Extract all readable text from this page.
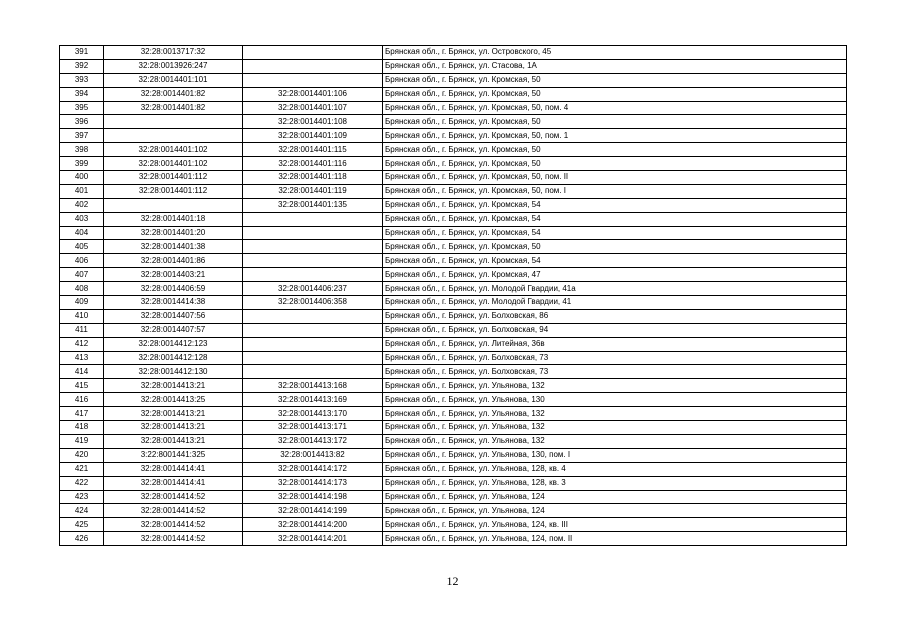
391	32:28:0013717:32		Брянская обл., г. Брянск, ул. Островского, 45
392	32:28:0013926:247		Брянская обл., г. Брянск, ул. Стасова, 1А
393	32:28:0014401:101		Брянская обл., г. Брянск, ул. Кромская, 50
394	32:28:0014401:82	32:28:0014401:106	Брянская обл., г. Брянск, ул. Кромская, 50
395	32:28:0014401:82	32:28:0014401:107	Брянская обл., г. Брянск, ул. Кромская, 50, пом. 4
396		32:28:0014401:108	Брянская обл., г. Брянск, ул. Кромская, 50
397		32:28:0014401:109	Брянская обл., г. Брянск, ул. Кромская, 50, пом. 1
398	32:28:0014401:102	32:28:0014401:115	Брянская обл., г. Брянск, ул. Кромская, 50
399	32:28:0014401:102	32:28:0014401:116	Брянская обл., г. Брянск, ул. Кромская, 50
400	32:28:0014401:112	32:28:0014401:118	Брянская обл., г. Брянск, ул. Кромская, 50, пом. II
401	32:28:0014401:112	32:28:0014401:119	Брянская обл., г. Брянск, ул. Кромская, 50, пом. I
402		32:28:0014401:135	Брянская обл., г. Брянск, ул. Кромская, 54
403	32:28:0014401:18		Брянская обл., г. Брянск, ул. Кромская, 54
404	32:28:0014401:20		Брянская обл., г. Брянск, ул. Кромская, 54
405	32:28:0014401:38		Брянская обл., г. Брянск, ул. Кромская, 50
406	32:28:0014401:86		Брянская обл., г. Брянск, ул. Кромская, 54
407	32:28:0014403:21		Брянская обл., г. Брянск, ул. Кромская, 47
408	32:28:0014406:59	32:28:0014406:237	Брянская обл., г. Брянск, ул. Молодой Гвардии, 41а
409	32:28:0014414:38	32:28:0014406:358	Брянская обл., г. Брянск, ул. Молодой Гвардии, 41
410	32:28:0014407:56		Брянская обл., г. Брянск, ул. Болховская, 86
411	32:28:0014407:57		Брянская обл., г. Брянск, ул. Болховская, 94
412	32:28:0014412:123		Брянская обл., г. Брянск, ул. Литейная, 36в
413	32:28:0014412:128		Брянская обл., г. Брянск, ул. Болховская, 73
414	32:28:0014412:130		Брянская обл., г. Брянск, ул. Болховская, 73
415	32:28:0014413:21	32:28:0014413:168	Брянская обл., г. Брянск, ул. Ульянова, 132
416	32:28:0014413:25	32:28:0014413:169	Брянская обл., г. Брянск, ул. Ульянова, 130
417	32:28:0014413:21	32:28:0014413:170	Брянская обл., г. Брянск, ул. Ульянова, 132
418	32:28:0014413:21	32:28:0014413:171	Брянская обл., г. Брянск, ул. Ульянова, 132
419	32:28:0014413:21	32:28:0014413:172	Брянская обл., г. Брянск, ул. Ульянова, 132
420	3:22:8001441:325	32:28:0014413:82	Брянская обл., г. Брянск, ул. Ульянова, 130, пом. I
421	32:28:0014414:41	32:28:0014414:172	Брянская обл., г. Брянск, ул. Ульянова, 128, кв. 4
422	32:28:0014414:41	32:28:0014414:173	Брянская обл., г. Брянск, ул. Ульянова, 128, кв. 3
423	32:28:0014414:52	32:28:0014414:198	Брянская обл., г. Брянск, ул. Ульянова, 124
424	32:28:0014414:52	32:28:0014414:199	Брянская обл., г. Брянск, ул. Ульянова, 124
425	32:28:0014414:52	32:28:0014414:200	Брянская обл., г. Брянск, ул. Ульянова, 124, кв. III
426	32:28:0014414:52	32:28:0014414:201	Брянская обл., г. Брянск, ул. Ульянова, 124, пом. II
12
